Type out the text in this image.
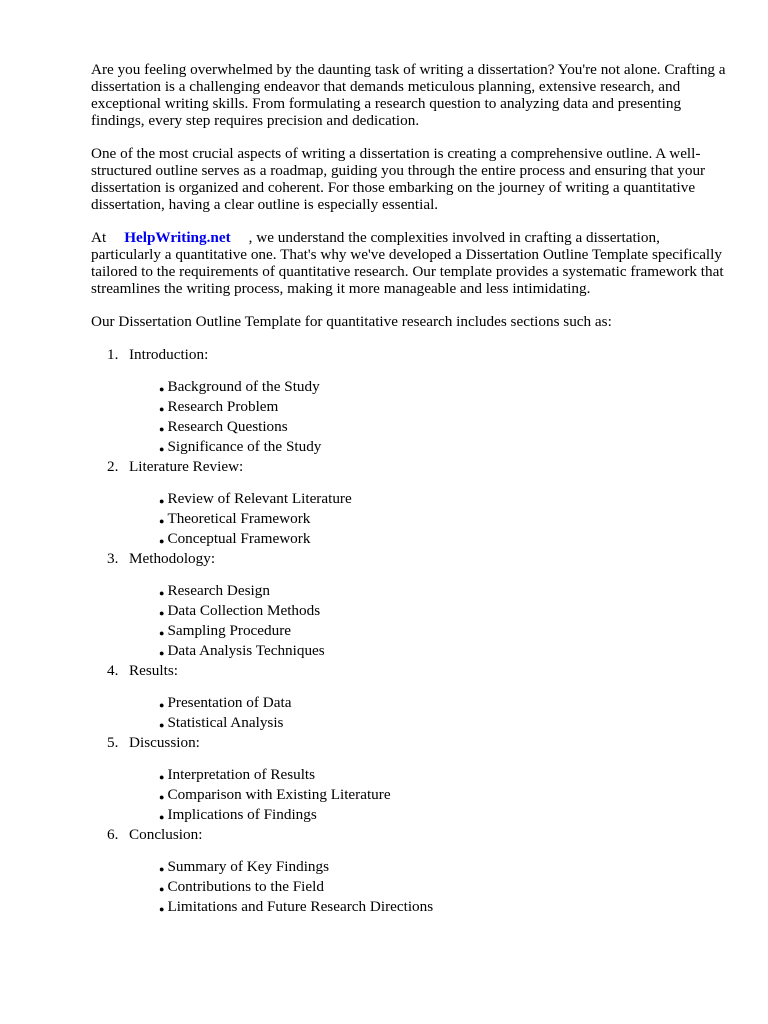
Are you feeling overwhelmed by the daunting task of writing a dissertation? You're not alone. Crafting a dissertation is a challenging endeavor that demands meticulous planning, extensive research, and exceptional writing skills. From formulating a research question to analyzing data and presenting findings, every step requires precision and dedication.

One of the most crucial aspects of writing a dissertation is creating a comprehensive outline. A well-structured outline serves as a roadmap, guiding you through the entire process and ensuring that your dissertation is organized and coherent. For those embarking on the journey of writing a quantitative dissertation, having a clear outline is especially essential.

At HelpWriting.net , we understand the complexities involved in crafting a dissertation, particularly a quantitative one. That's why we've developed a Dissertation Outline Template specifically tailored to the requirements of quantitative research. Our template provides a systematic framework that streamlines the writing process, making it more manageable and less intimidating.

Our Dissertation Outline Template for quantitative research includes sections such as:

1. Introduction:
● Background of the Study
● Research Problem
● Research Questions
● Significance of the Study
2. Literature Review:
● Review of Relevant Literature
● Theoretical Framework
● Conceptual Framework
3. Methodology:
● Research Design
● Data Collection Methods
● Sampling Procedure
● Data Analysis Techniques
4. Results:
● Presentation of Data
● Statistical Analysis
5. Discussion:
● Interpretation of Results
● Comparison with Existing Literature
● Implications of Findings
6. Conclusion:
● Summary of Key Findings
● Contributions to the Field
● Limitations and Future Research Directions
